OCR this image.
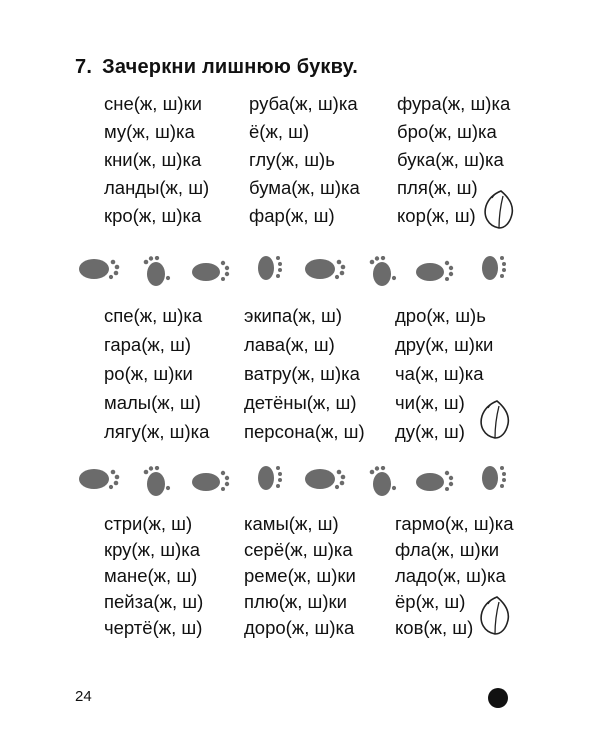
7. Зачеркни лишнюю букву.
сне(ж, ш)ки	руба(ж, ш)ка фура(ж, ш)ка
му(ж, ш)ка	ё(ж, ш)	бро(ж, ш)ка
кни(ж, ш)ка	глу(ж, ш)ь	бука(ж, ш)ка
ланды(ж, ш) бума(ж, ш)ка пля(ж, ш)
кро(ж, ш)ка	фар(ж, ш)	кор(ж, ш)
спе(ж, ш)ка экипа(ж, ш)	дро(ж, ш)ь
гара(ж, ш)	лава(ж, ш)	дру(ж, ш)ки
ро(ж, ш)ки	ватру(ж, ш)ка ча(ж, ш)ка
малы(ж, ш) детёны(ж, ш) чи(ж, ш)
лягу(ж, ш)ка персона(ж, ш) ду(ж, ш)
стри(ж, ш)	камы(ж, ш)	гармо(ж, ш)ка
кру(ж, ш)ка серё(ж, ш)ка фла(ж, ш)ки
мане(ж, ш)	реме(ж, ш)ки ладо(ж, ш)ка
пейза(ж, ш) плю(ж, ш)ки	ёр(ж, ш)
чертё(ж, ш) доро(ж, ш)ка ков(ж, ш)
24
